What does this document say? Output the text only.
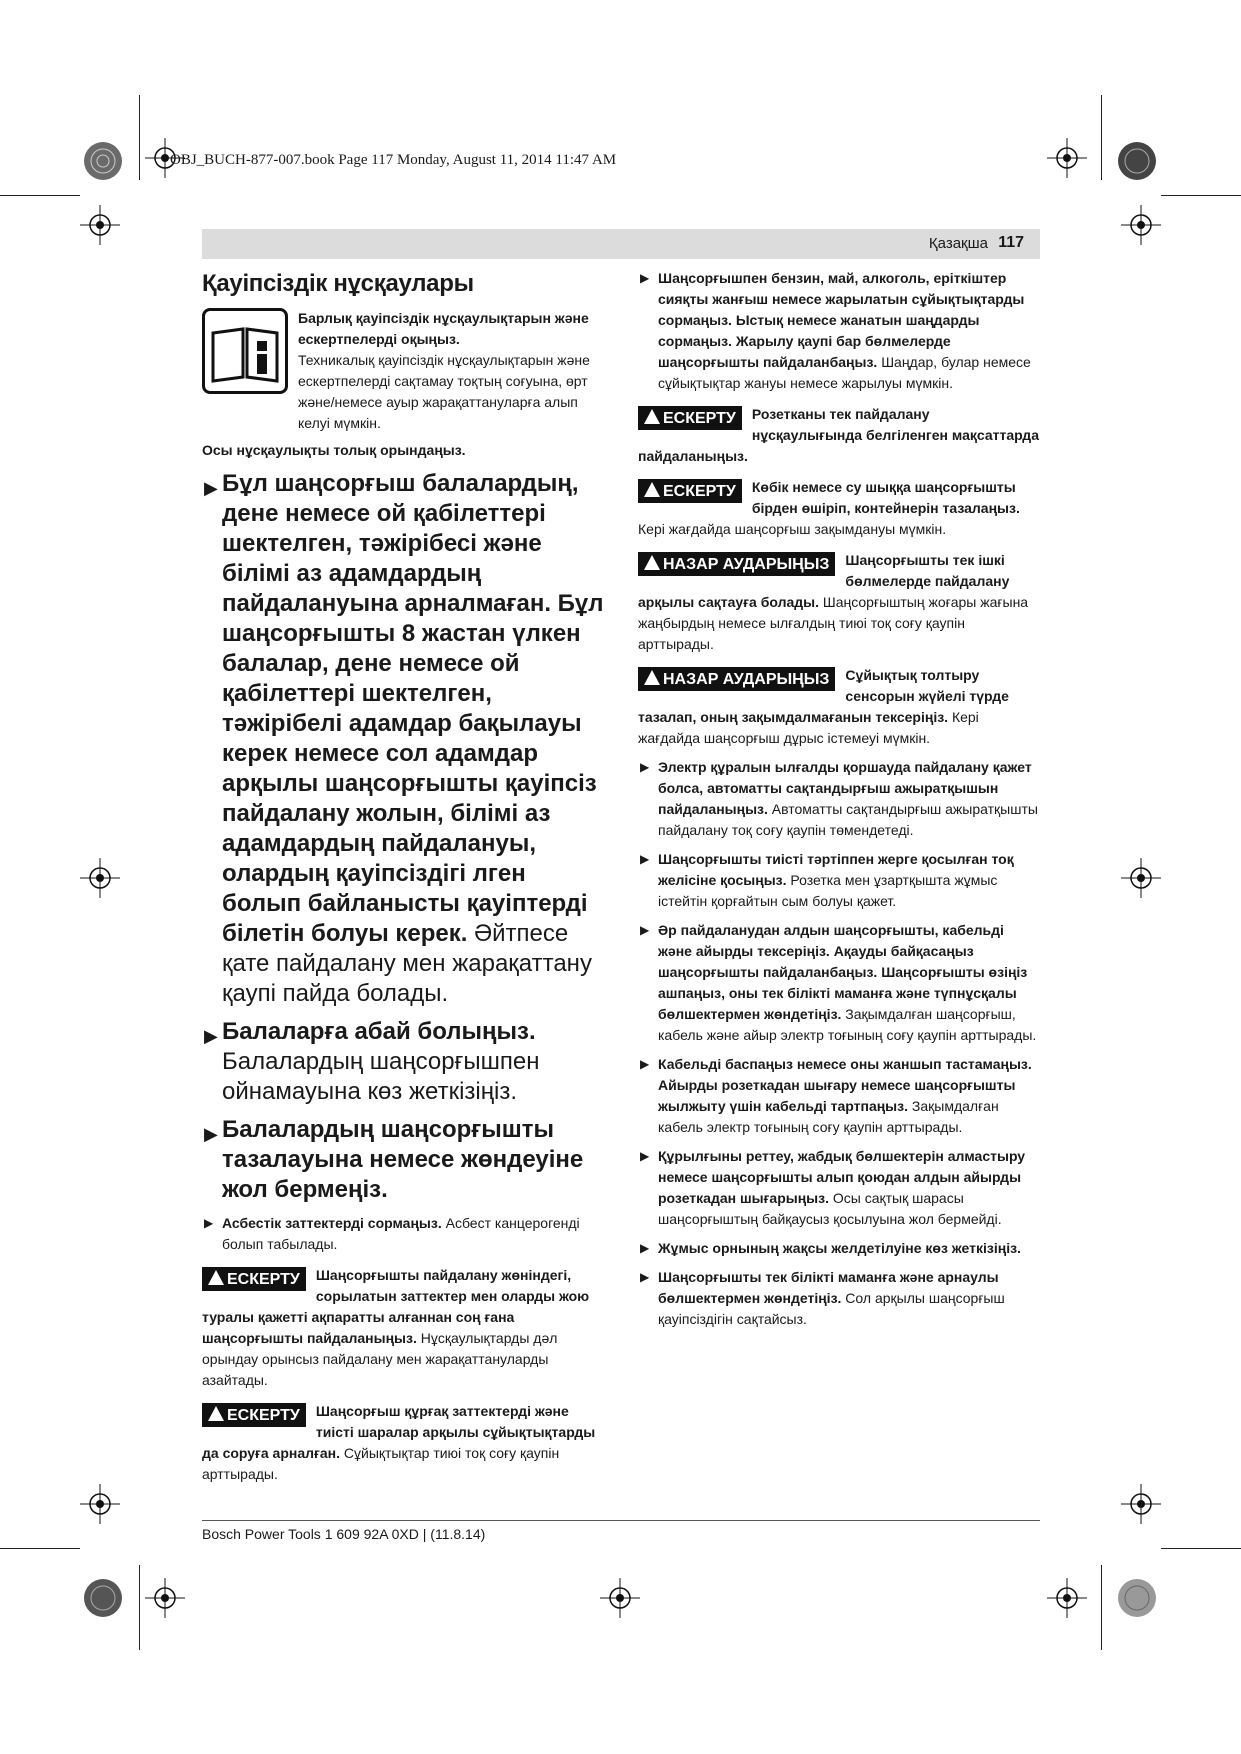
OBJ_BUCH-877-007.book Page 117 Monday, August 11, 2014 11:47 AM
Қазақша 117
Қауіпсіздік нұсқаулары
Барлық қауіпсіздік нұсқаулықтарын және ескертпелерді оқыңыз.
Техникалық қауіпсіздік нұсқаулықтарын және ескертпелерді сақтамау тоқтың соғуына, өрт және/немесе ауыр жарақаттануларға алып келуі мүмкін.

Осы нұсқаулықты толық орындаңыз.

▶ Бұл шаңсорғыш балалардың, дене немесе ой қабілеттері шектелген, тәжірібесі және білімі аз адамдардың пайдалануына арналмаған. Бұл шаңсорғышты 8 жастан үлкен балалар, дене немесе ой қабілеттері шектелген, тәжірібелі адамдар бақылауы керек немесе сол адамдар арқылы шаңсорғышты қауіпсіз пайдалану жолын, білімі аз адамдардың пайдалануы, олардың қауіпсіздігі лген болып байланысты қауіптерді білетін болуы керек. Әйтпесе қате пайдалану мен жарақаттану қаупі пайда болады.
▶ Балаларға абай болыңыз. Балалардың шаңсорғышпен ойнамауына көз жеткізіңіз.
▶ Балалардың шаңсорғышты тазалауына немесе жөндеуіне жол бермеңіз.
▶ Асбестік заттектерді сормаңыз. Асбест канцерогенді болып табылады.
ЕСКЕРТУ	Шаңсорғышты пайдалану жөніндегі, сорылатын заттектер мен оларды жою туралы қажетті ақпаратты алғаннан соң ғана шаңсорғышты пайдаланыңыз. Нұсқаулықтарды дәл орындау орынсыз пайдалану мен жарақаттануларды азайтады.
ЕСКЕРТУ	Шаңсорғыш құрғақ заттектерді және тиісті шаралар арқылы сұйықтықтарды да соруға арналған. Сұйықтықтар тиюі тоқ соғу қаупін арттырады.
▶ Шаңсорғышпен бензин, май, алкоголь, еріткіштер сияқты жанғыш немесе жарылатын сұйықтықтарды сормаңыз. Ыстық немесе жанатын шаңдарды сормаңыз. Жарылу қаупі бар бөлмелерде шаңсорғышты пайдаланбаңыз. Шаңдар, булар немесе сұйықтықтар жануы немесе жарылуы мүмкін.
ЕСКЕРТУ	Розетканы тек пайдалану нұсқаулығында белгіленген мақсаттарда пайдаланыңыз.
ЕСКЕРТУ	Көбік немесе су шыққа шаңсорғышты бірден өшіріп, контейнерін тазалаңыз. Кері жағдайда шаңсорғыш зақымдануы мүмкін.
НАЗАР АУДАРЫҢЫЗ	Шаңсорғышты тек ішкі бөлмелерде пайдалану арқылы сақтауға болады. Шаңсорғыштың жоғары жағына жаңбырдың немесе ылғалдың тиюі тоқ соғу қаупін арттырады.
НАЗАР АУДАРЫҢЫЗ	Сұйықтық толтыру сенсорын жүйелі түрде тазалап, оның зақымдалмағанын тексеріңіз. Кері жағдайда шаңсорғыш дұрыс істемеуі мүмкін.
▶ Электр құралын ылғалды қоршауда пайдалану қажет болса, автоматты сақтандырғыш ажыратқышын пайдаланыңыз. Автоматты сақтандырғыш ажыратқышты пайдалану тоқ соғу қаупін төмендетеді.
▶ Шаңсорғышты тиісті тәртіппен жерге қосылған тоқ желісіне қосыңыз. Розетка мен ұзартқышта жұмыс істейтін қорғайтын сым болуы қажет.
▶ Әр пайдаланудан алдын шаңсорғышты, кабельді және айырды тексеріңіз. Ақауды байқасаңыз шаңсорғышты пайдаланбаңыз. Шаңсорғышты өзіңіз ашпаңыз, оны тек білікті маманға және түпнұсқалы бөлшектермен жөндетіңіз. Зақымдалған шаңсорғыш, кабель және айыр электр тоғының соғу қаупін арттырады.
▶ Кабельді баспаңыз немесе оны жаншып тастамаңыз. Айырды розеткадан шығару немесе шаңсорғышты жылжыту үшін кабельді тартпаңыз. Зақымдалған кабель электр тоғының соғу қаупін арттырады.
▶ Құрылғыны реттеу, жабдық бөлшектерін алмастыру немесе шаңсорғышты алып қоюдан алдын айырды розеткадан шығарыңыз. Осы сақтық шарасы шаңсорғыштың байқаусыз қосылуына жол бермейді.
▶ Жұмыс орнының жақсы желдетілуіне көз жеткізіңіз.
▶ Шаңсорғышты тек білікті маманға және арнаулы бөлшектермен жөндетіңіз. Сол арқылы шаңсорғыш қауіпсіздігін сақтайсыз.
Bosch Power Tools 1 609 92A 0XD | (11.8.14)
